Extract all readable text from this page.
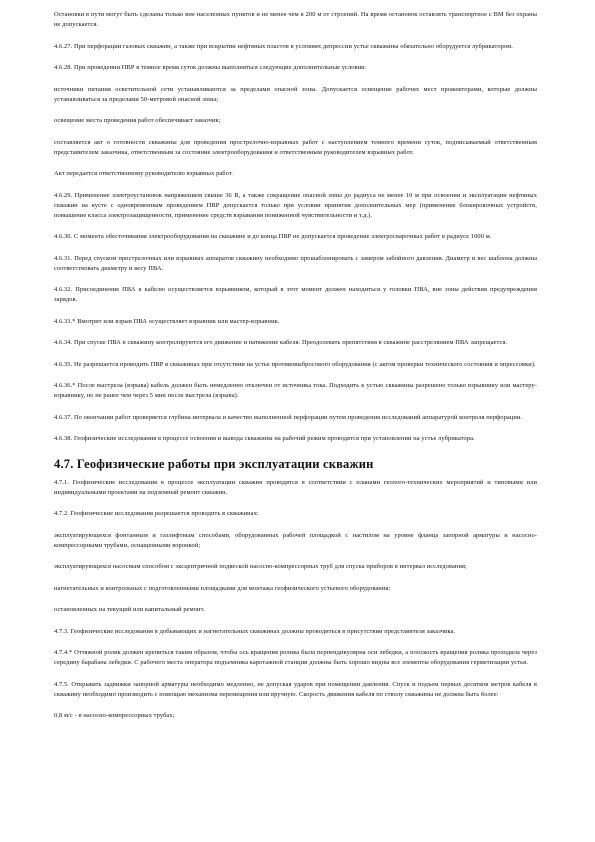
Остановки в пути могут быть сделаны только вне населенных пунктов и не менее чем в 200 м от строений. На время остановок оставлять транспортное с ВМ без охраны не допускается.

4.6.27. При перфорации газовых скважин, а также при вскрытии нефтяных пластов в условиях депрессии устье скважины обязательно оборудуется лубрикатором.

4.6.28. При проведении ПВР в темное время суток должны выполняться следующие дополнительные условия:

источники питания осветительной сети устанавливаются за пределами опасной зоны. Допускается освещение рабочих мест прожекторами, которые должны устанавливаться за пределами 50-метровой опасной зоны;

освещение места проведения работ обеспечивает заказчик;

составляется акт о готовности скважины для проведения прострелочно-взрывных работ с наступлением темного времени суток, подписываемый ответственным представителем заказчика, ответственным за состояние электрооборудования и ответственным руководителем взрывных работ.

Акт передается ответственному руководителю взрывных работ.

4.6.29. Применение электроустановок напряжением свыше 36 В, а также сокращение опасной зоны до радиуса не менее 10 м при освоении и эксплуатации нефтяных скважин на кусте с одновременным проведением ПВР допускается только при условии принятия дополнительных мер (применение блокировочных устройств, повышение класса электрозащищенности, применение средств взрывания пониженной чувствительности и т.д.).

4.6.30. С момента обесточивания электрооборудования на скважине и до конца ПВР не допускается проведение электросварочных работ в радиусе 1000 м.

4.6.31. Перед спуском прострелочных или взрывных аппаратов скважину необходимо прошаблонировать с замером забойного давления. Диаметр и вес шаблона должны соответствовать диаметру и весу ПВА.

4.6.32. Присоединение ПВА к кабелю осуществляется взрывником, который в этот момент должен находиться у головки ПВА, вне зоны действия предупреждения зарядов.

4.6.33.* Вмотрит или взрыв ПВА осуществляет взрывник или мастер-взрывник.

4.6.34. При спуске ПВА в скважину контролируются его движение и натяжение кабеля. Преодолевать препятствия в скважине расстрелянием ПВА запрещается.

4.6.35. Не разрешается проводить ПВР в скважинах при отсутствии на устье противовыбросового оборудования (с актом проверки технического состояния и опрессовки).

4.6.36.* После выстрела (взрыва) кабель должен быть немедленно отключен от источника тока. Подходить к устью скважины разрешено только взрывнику или мастеру-взрывнику, но не ранее чем через 5 мин после выстрела (взрыва).

4.6.37. По окончании работ проверяется глубина интервала и качество выполненной перфорации путем проведения исследований аппаратурой контроля перфорации.

4.6.38. Геофизические исследования в процессе освоения и вывода скважины на рабочий режим проводятся при установлении на устье лубрикатора.

4.7. Геофизические работы при эксплуатации скважин

4.7.1. Геофизические исследования в процессе эксплуатации скважин проводятся в соответствии с планами геолого-технических мероприятий и типовыми или индивидуальными проектами на подземный ремонт скважин.

4.7.2. Геофизические исследования разрешается проводить в скважинах:

эксплуатирующихся фонтанным и газлифтным способами, оборудованных рабочей площадкой с настилом на уровне фланца запорной арматуры и насосно-компрессорными трубами, оснащенными воронкой;

эксплуатирующихся насосным способом с эксцентричной подвеской насосно-компрессорных труб для спуска приборов в интервал исследования;

нагнетательных и контрольных с подготовленными площадками для монтажа геофизического устьевого оборудования;

остановленных на текущий или капитальный ремонт.

4.7.3. Геофизические исследования в добывающих и нагнетательных скважинах должны проводиться в присутствии представителя заказчика.

4.7.4.* Оттяжной ролик должен крепиться таким образом, чтобы ось вращения ролика была перпендикулярна оси лебедки, а плоскость вращения ролика проходила через середину барабана лебедки. С рабочего места оператора подъемника каротажной станции должны быть хорошо видны все элементы оборудования герметизации устья.

4.7.5. Открывать задвижки запорной арматуры необходимо медленно, не допуская ударов при помещении давления. Спуск и подъем первых десятков метров кабеля в скважину необходимо производить с помощью механизма перемещения или вручную. Скорость движения кабеля по стволу скважины не должна быть более:

0,8 м/с - в насосно-компрессорных трубах;
